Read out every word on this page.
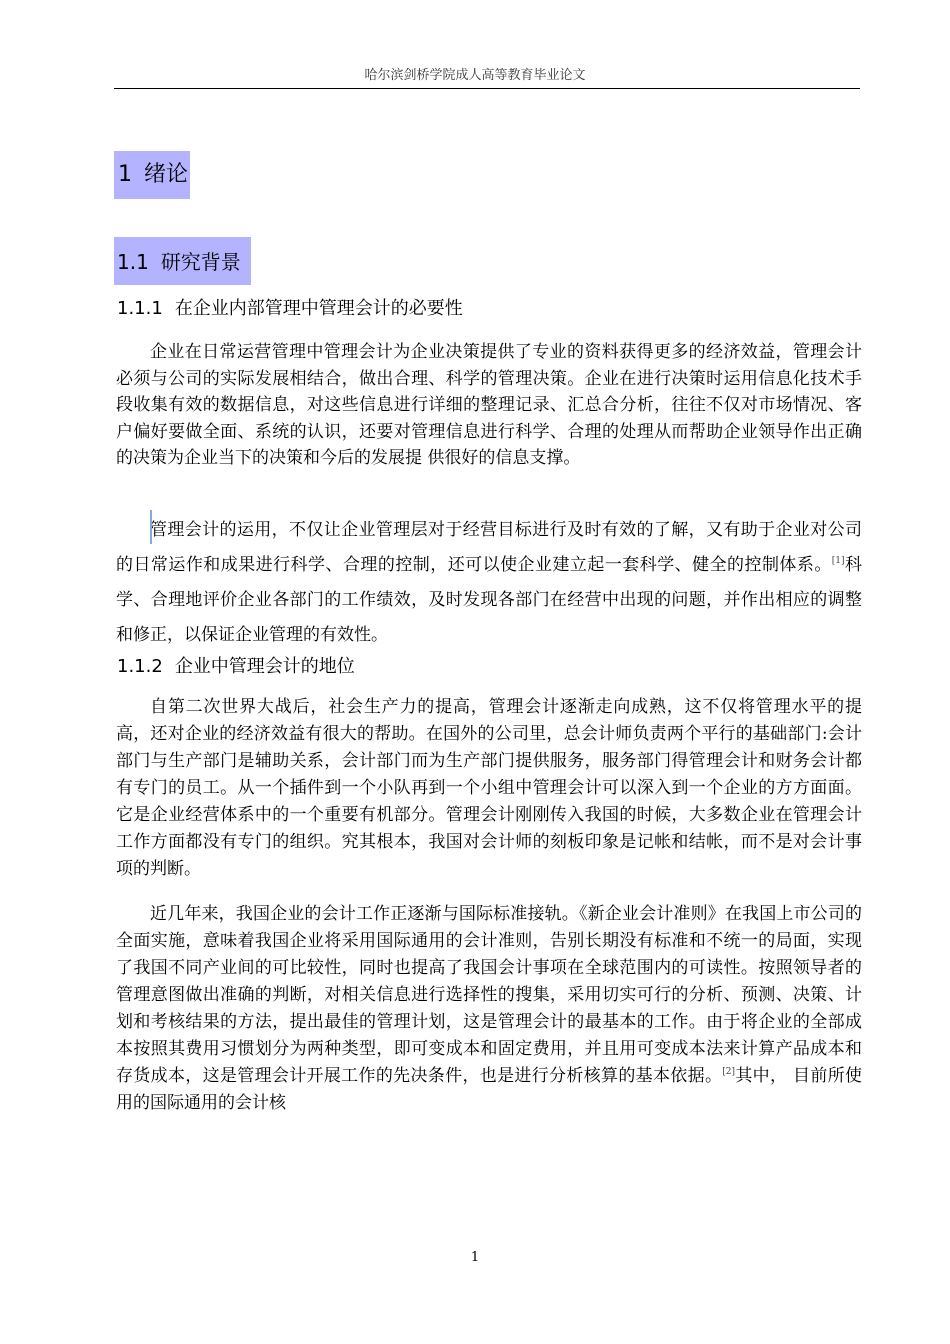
哈尔滨剑桥学院成人高等教育毕业论文
1 绪论
1.1 研究背景
1.1.1 在企业内部管理中管理会计的必要性

企业在日常运营管理中管理会计为企业决策提供了专业的资料获得更多的经济效益，管理会计必须与公司的实际发展相结合，做出合理、科学的管理决策。企业在进行决策时运用信息化技术手段收集有效的数据信息，对这些信息进行详细的整理记录、汇总合分析，往往不仅对市场情况、客户偏好要做全面、系统的认识，还要对管理信息进行科学、合理的处理从而帮助企业领导作出正确的决策为企业当下的决策和今后的发展提 供很好的信息支撑。

管理会计的运用，不仅让企业管理层对于经营目标进行及时有效的了解，又有助于企业对公司的日常运作和成果进行科学、合理的控制，还可以使企业建立起一套科学、健全的控制体系。[1]科学、合理地评价企业各部门的工作绩效，及时发现各部门在经营中出现的问题，并作出相应的调整和修正，以保证企业管理的有效性。

1.1.2 企业中管理会计的地位

自第二次世界大战后，社会生产力的提高，管理会计逐渐走向成熟，这不仅将管理水平的提高，还对企业的经济效益有很大的帮助。在国外的公司里，总会计师负责两个平行的基础部门:会计部门与生产部门是辅助关系，会计部门而为生产部门提供服务，服务部门得管理会计和财务会计都有专门的员工。从一个插件到一个小队再到一个小组中管理会计可以深入到一个企业的方方面面。它是企业经营体系中的一个重要有机部分。管理会计刚刚传入我国的时候，大多数企业在管理会计工作方面都没有专门的组织。究其根本，我国对会计师的刻板印象是记帐和结帐，而不是对会计事项的判断。

近几年来，我国企业的会计工作正逐渐与国际标准接轨。《新企业会计准则》在我国上市公司的全面实施，意味着我国企业将采用国际通用的会计准则，告别长期没有标准和不统一的局面，实现了我国不同产业间的可比较性，同时也提高了我国会计事项在全球范围内的可读性。按照领导者的管理意图做出准确的判断，对相关信息进行选择性的搜集，采用切实可行的分析、预测、决策、计划和考核结果的方法，提出最佳的管理计划，这是管理会计的最基本的工作。由于将企业的全部成本按照其费用习惯划分为两种类型，即可变成本和固定费用，并且用可变成本法来计算产品成本和存货成本，这是管理会计开展工作的先决条件，也是进行分析核算的基本依据。[2]其中， 目前所使用的国际通用的会计核

1
